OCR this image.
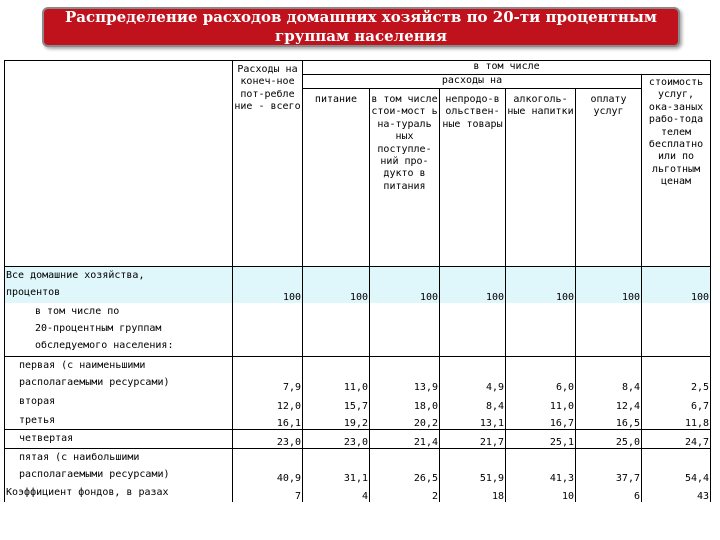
Распределение расходов домашних хозяйств по 20-ти процентным группам населения
	Расходы на конеч-ное пот-ребле ние - всего	в том числе					
		расходы на					стоимость услуг, ока-заных рабо-тода телем бесплатно или по льготным ценам
		питание	в том числе стои-мост ь на-тураль ных поступле-ний про-дукто в питания	непродо-в ольствен-ные товары	алкоголь-ные напитки	оплату услуг	

Все домашние хозяйства,
процентов	100	100	100	100	100	100	100

в том числе по
20-процентным группам
обследуемого населения:							

первая (с наименьшими
располагаемыми ресурсами)	7,9	11,0	13,9	4,9	6,0	8,4	2,5
вторая	12,0	15,7	18,0	8,4	11,0	12,4	6,7
третья	16,1	19,2	20,2	13,1	16,7	16,5	11,8
четвертая	23,0	23,0	21,4	21,7	25,1	25,0	24,7

пятая (с наибольшими
располагаемыми ресурсами)	40,9	31,1	26,5	51,9	41,3	37,7	54,4
Коэффициент фондов, в разах	7	4	2	18	10	6	43
